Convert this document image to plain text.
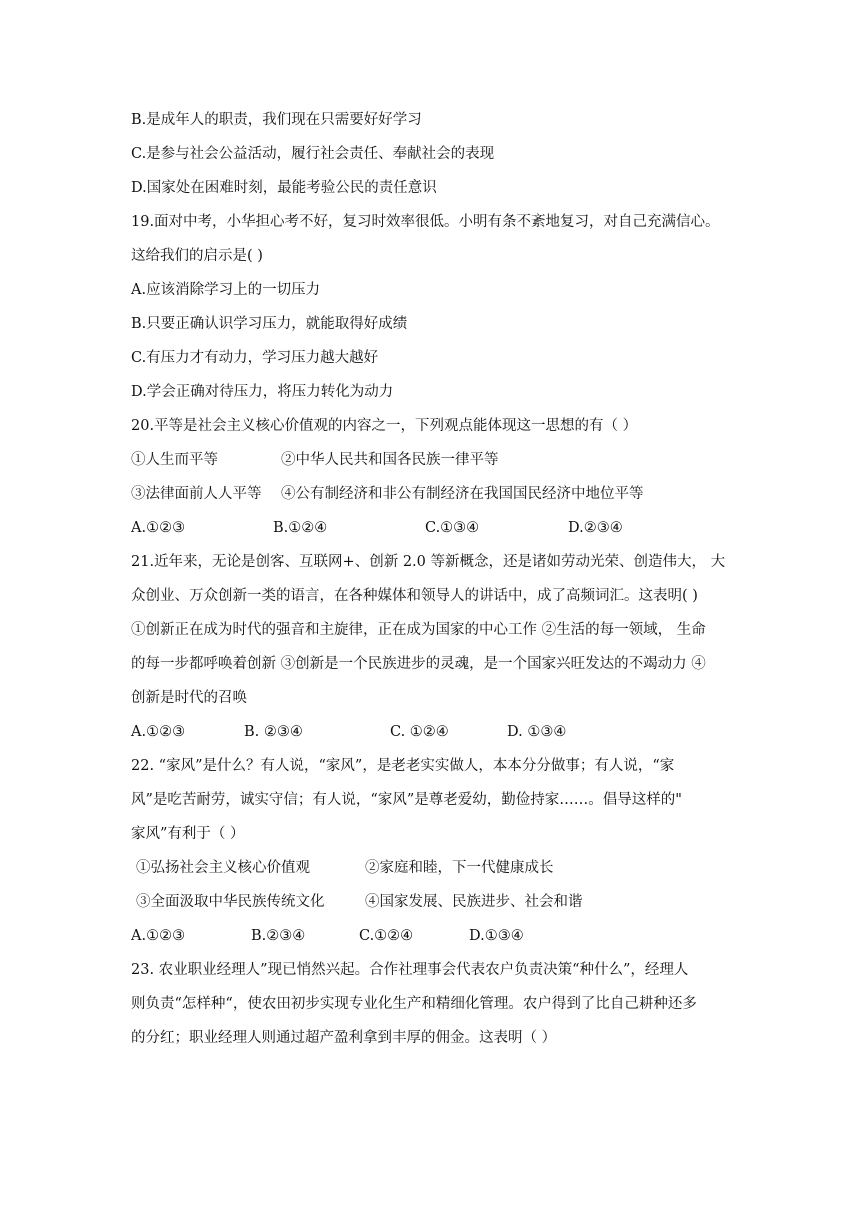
B.是成年人的职责，我们现在只需要好好学习
C.是参与社会公益活动，履行社会责任、奉献社会的表现
D.国家处在困难时刻，最能考验公民的责任意识
19.面对中考，小华担心考不好，复习时效率很低。小明有条不紊地复习，对自己充满信心。
这给我们的启示是( )
A.应该消除学习上的一切压力
B.只要正确认识学习压力，就能取得好成绩
C.有压力才有动力，学习压力越大越好
D.学会正确对待压力，将压力转化为动力
20.平等是社会主义核心价值观的内容之一，下列观点能体现这一思想的有（ ）
①人生而平等	②中华人民共和国各民族一律平等
③法律面前人人平等 ④公有制经济和非公有制经济在我国国民经济中地位平等
A.①②③	B.①②④	C.①③④	D.②③④
21.近年来，无论是创客、互联网+、创新 2.0 等新概念，还是诸如劳动光荣、创造伟大， 大
众创业、万众创新一类的语言，在各种媒体和领导人的讲话中，成了高频词汇。这表明( )
①创新正在成为时代的强音和主旋律，正在成为国家的中心工作 ②生活的每一领域， 生命
的每一步都呼唤着创新 ③创新是一个民族进步的灵魂，是一个国家兴旺发达的不竭动力 ④
创新是时代的召唤
A.①②③	B. ②③④	C. ①②④	D. ①③④
22. “家风”是什么？有人说，“家风”，是老老实实做人，本本分分做事；有人说，“家
风”是吃苦耐劳，诚实守信；有人说，“家风”是尊老爱幼，勤俭持家……。倡导这样的"
家风”有利于（ ）
①弘扬社会主义核心价值观	②家庭和睦，下一代健康成长
③全面汲取中华民族传统文化	④国家发展、民族进步、社会和谐
A.①②③	B.②③④	C.①②④	D.①③④
23. 农业职业经理人”现已悄然兴起。合作社理事会代表农户负责决策“种什么”，经理人
则负责“怎样种“，使农田初步实现专业化生产和精细化管理。农户得到了比自己耕种还多
的分红；职业经理人则通过超产盈利拿到丰厚的佣金。这表明（ ）
